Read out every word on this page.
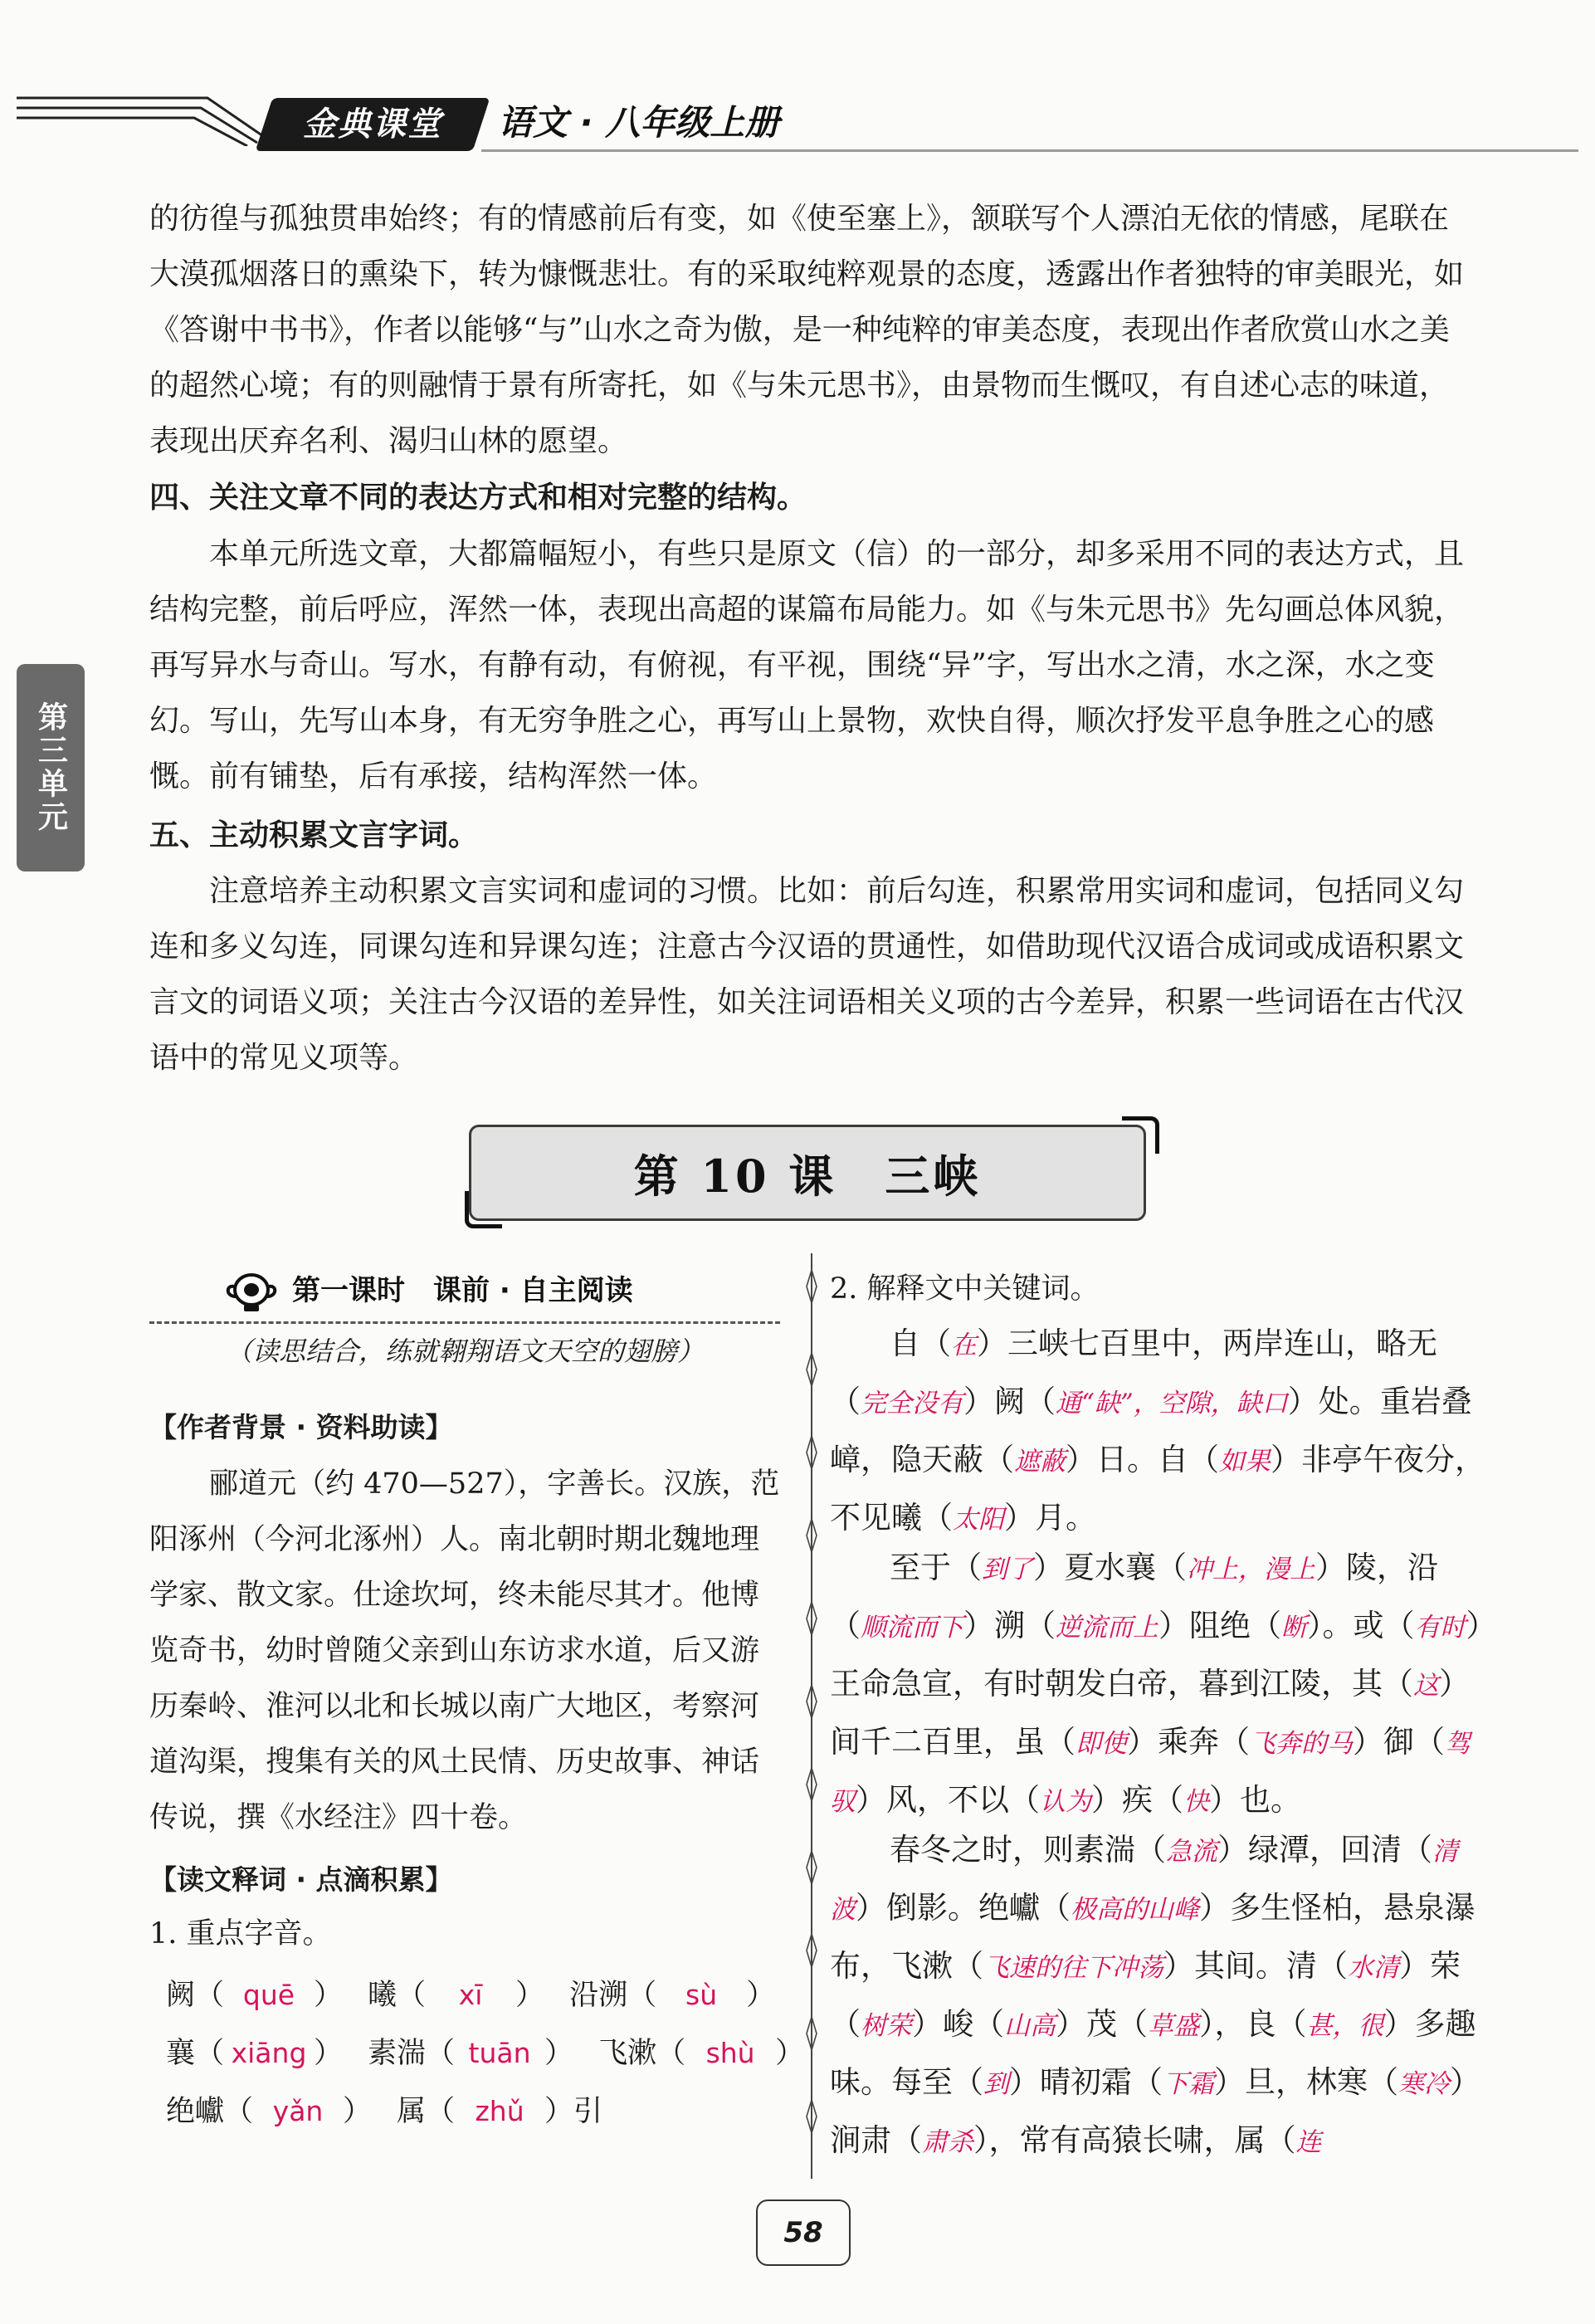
金典课堂	语文 · 八年级上册
第三单元

的彷徨与孤独贯串始终；有的情感前后有变，如《使至塞上》，颔联写个人漂泊无依的情感，尾联在大漠孤烟落日的熏染下，转为慷慨悲壮。有的采取纯粹观景的态度，透露出作者独特的审美眼光，如《答谢中书书》，作者以能够“与”山水之奇为傲，是一种纯粹的审美态度，表现出作者欣赏山水之美的超然心境；有的则融情于景有所寄托，如《与朱元思书》，由景物而生慨叹，有自述心志的味道，表现出厌弃名利、渴归山林的愿望。

四、关注文章不同的表达方式和相对完整的结构。

本单元所选文章，大都篇幅短小，有些只是原文（信）的一部分，却多采用不同的表达方式，且结构完整，前后呼应，浑然一体，表现出高超的谋篇布局能力。如《与朱元思书》先勾画总体风貌，再写异水与奇山。写水，有静有动，有俯视，有平视，围绕“异”字，写出水之清，水之深，水之变幻。写山，先写山本身，有无穷争胜之心，再写山上景物，欢快自得，顺次抒发平息争胜之心的感慨。前有铺垫，后有承接，结构浑然一体。

五、主动积累文言字词。

注意培养主动积累文言实词和虚词的习惯。比如：前后勾连，积累常用实词和虚词，包括同义勾连和多义勾连，同课勾连和异课勾连；注意古今汉语的贯通性，如借助现代汉语合成词或成语积累文言文的词语义项；关注古今汉语的差异性，如关注词语相关义项的古今差异，积累一些词语在古代汉语中的常见义项等。

第 10 课　三峡
第一课时　课前 · 自主阅读
（读思结合，练就翱翔语文天空的翅膀）
【作者背景 · 资料助读】

郦道元（约 470—527），字善长。汉族，范阳涿州（今河北涿州）人。南北朝时期北魏地理学家、散文家。仕途坎坷，终未能尽其才。他博览奇书，幼时曾随父亲到山东访求水道，后又游历秦岭、淮河以北和长城以南广大地区，考察河道沟渠，搜集有关的风土民情、历史故事、神话传说，撰《水经注》四十卷。

【读文释词 · 点滴积累】
1. 重点字音。
阙（ quē ） 曦（ xī ） 沿溯（ sù ）
襄（ xiāng ） 素湍（ tuān ） 飞漱（ shù ）
绝巘（ yǎn ） 属（ zhǔ ）引
2. 解释文中关键词。

自（在）三峡七百里中，两岸连山，略无（完全没有）阙（通“缺”，空隙，缺口）处。重岩叠嶂，隐天蔽（遮蔽）日。自（如果）非亭午夜分，不见曦（太阳）月。

至于（到了）夏水襄（冲上，漫上）陵，沿（顺流而下）溯（逆流而上）阻绝（断）。或（有时）王命急宣，有时朝发白帝，暮到江陵，其（这）间千二百里，虽（即使）乘奔（飞奔的马）御（驾驭）风，不以（认为）疾（快）也。

春冬之时，则素湍（急流）绿潭，回清（清波）倒影。绝巘（极高的山峰）多生怪柏，悬泉瀑布，飞漱（飞速的往下冲荡）其间。清（水清）荣（树荣）峻（山高）茂（草盛），良（甚，很）多趣味。每至（到）晴初霜（下霜）旦，林寒（寒冷）涧肃（肃杀），常有高猿长啸，属（连

58
